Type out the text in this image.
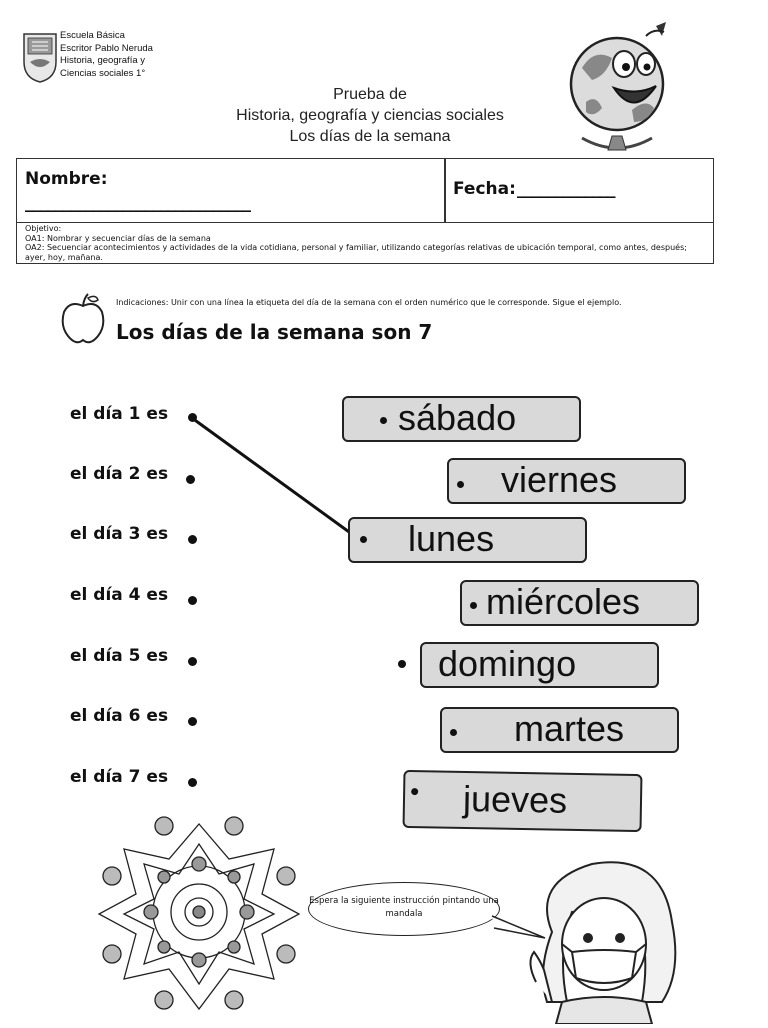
Escuela Básica
Escritor Pablo Neruda
Historia, geografía y
Ciencias sociales 1°
Prueba de
Historia, geografía y ciencias sociales
Los días de la semana
Nombre:
______________________________
Fecha: _____________
Objetivo:
OA1: Nombrar y secuenciar días de la semana
OA2: Secuenciar acontecimientos y actividades de la vida cotidiana, personal y familiar, utilizando categorías relativas de ubicación temporal, como antes, después; ayer, hoy, mañana.
Indicaciones: Unir con una línea la etiqueta del día de la semana con el orden numérico que le corresponde. Sigue el ejemplo.
Los días de la semana son 7
el día 1 es
el día 2 es
el día 3 es
el día 4 es
el día 5 es
el día 6 es
el día 7 es
sábado
viernes
lunes
miércoles
domingo
martes
jueves
Espera la siguiente instrucción pintando una mandala
